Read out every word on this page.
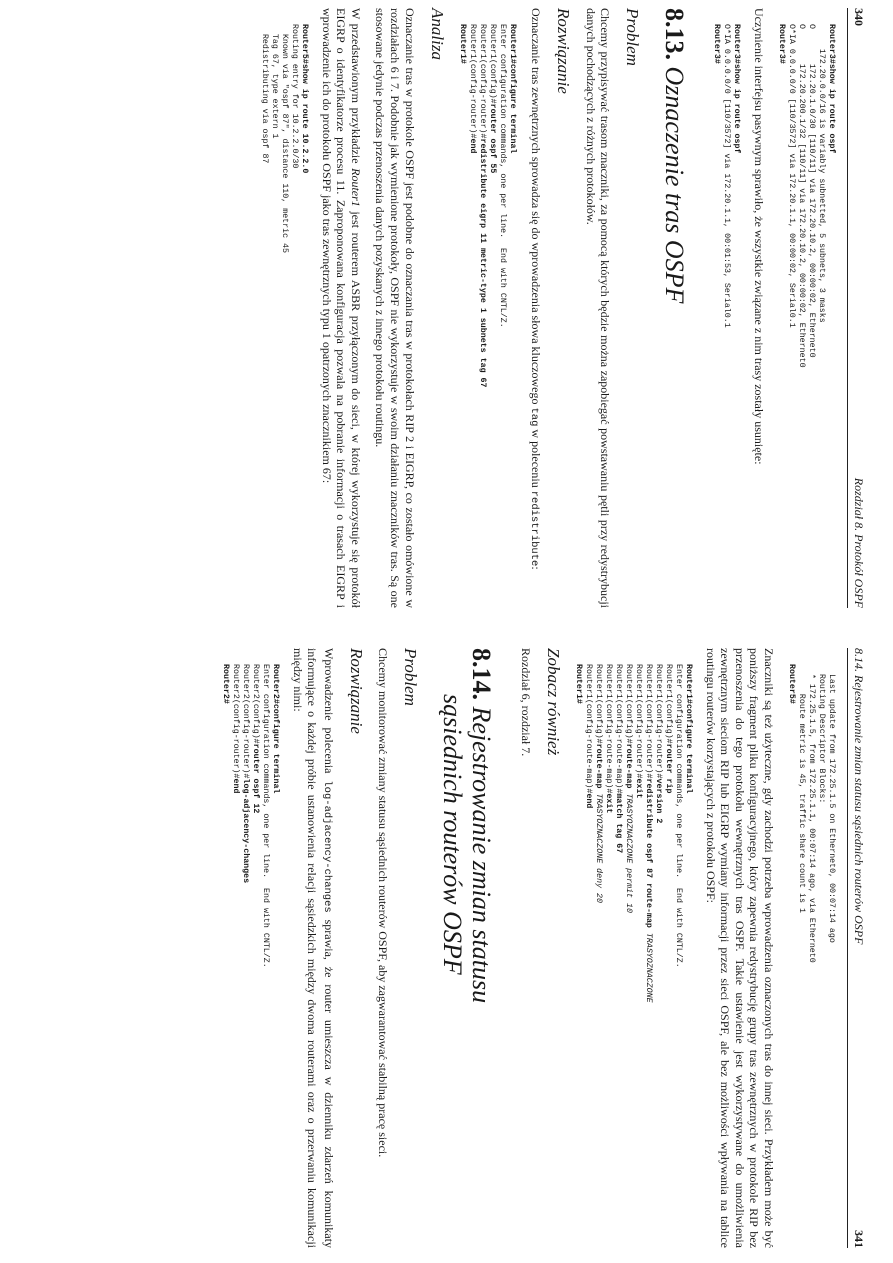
340
Rozdział 8. Protokół OSPF
Router3#show ip route ospf
172.20.0.0/16 is variably subnetted, 5 subnets, 3 masks
O       172.20.1.0/30 [110/11] via 172.20.10.2, 00:00:02, Ethernet0
O       172.20.200.1/32 [110/11] via 172.20.10.2, 00:00:02, Ethernet0
O*IA 0.0.0.0/0 [110/3572] via 172.20.1.1, 00:00:02, Serial0.1
Router3#

Uczynienie interfejsu pasywnym sprawiło, że wszystkie związane z nim trasy zostały usunięte:

Router3#show ip route ospf
O*IA 0.0.0.0/0 [110/3572] via 172.20.1.1, 00:01:53, Serial0.1
Router3#
8.13. Oznaczenie tras OSPF
Problem

Chcemy przypisywać trasom znaczniki, za pomocą których będzie można zapobiegać powstawaniu pętli przy redystrybucji danych pochodzących z różnych protokołów.

Rozwiązanie

Oznaczanie tras zewnętrznych sprowadza się do wprowadzenia słowa kluczowego tag w poleceniu redistribute:

Router1#configure terminal
Enter configuration commands, one per line.  End with CNTL/Z.
Router1(config)#router ospf 55
Router1(config-router)#redistribute eigrp 11 metric-type 1 subnets tag 67
Router1(config-router)#end
Router1#
Analiza

Oznaczanie tras w protokole OSPF jest podobne do oznaczania tras w protokołach RIP 2 i EIGRP, co zostało omówione w rozdziałach 6 i 7. Podobnie jak wymienione protokoły, OSPF nie wykorzystuje w swoim działaniu znaczników tras. Są one stosowane jedynie podczas przenoszenia danych pozyskanych z innego protokołu routingu.

W przedstawionym przykładzie Router1 jest routerem ASBR przyłączonym do sieci, w której wykorzystuje się protokół EIGRP o identyfikatorze procesu 11. Zaproponowana konfiguracja pozwala na pobranie informacji o trasach EIGRP i wprowadzenie ich do protokołu OSPF jako tras zewnętrznych typu 1 opatrzonych znacznikiem 67:

Router5#show ip route 10.2.2.0
Routing entry for 10.2.2.0/30
Known via "ospf 87", distance 110, metric 45
Tag 67, type extern 1
Redistributing via ospf 87
8.14. Rejestrowanie zmian statusu sąsiednich routerów OSPF
341
Last update from 172.25.1.5 on Ethernet0, 00:07:14 ago
Routing Descriptor Blocks:
* 172.25.1.5, from 172.25.1.1, 00:07:14 ago, via Ethernet0
Route metric is 45, traffic share count is 1
Router5#

Znaczniki są też użyteczne, gdy zachodzi potrzeba wprowadzenia oznaczonych tras do innej sieci. Przykładem może być poniższy fragment pliku konfiguracyjnego, który zapewnia redystrybucję grupy tras zewnętrznych w protokole RIP bez przenoszenia do tego protokołu wewnętrznych tras OSPF. Takie ustawienie jest wykorzystywane do umożliwienia zewnętrznym sieciom RIP lub EIGRP wymiany informacji przez sieci OSPF, ale bez możliwości wpływania na tablice routingu routerów korzystających z protokołu OSPF:

Router1#configure terminal
Enter configuration commands, one per line.  End with CNTL/Z.
Router1(config)#router rip
Router1(config-router)#version 2
Router1(config-router)#redistribute ospf 87 route-map TRASYOZNACZONE
Router1(config-router)#exit
Router1(config)#route-map TRASYOZNACZONE permit 10
Router1(config-route-map)#match tag 67
Router1(config-route-map)#exit
Router1(config)#route-map TRASYOZNACZONE deny 20
Router1(config-route-map)#end
Router1#
Zobacz również

Rozdział 6, rozdział 7.

8.14. Rejestrowanie zmian statusu
sąsiednich routerów OSPF
Problem

Chcemy monitorować zmiany statusu sąsiednich routerów OSPF, aby zagwarantować stabilną pracę sieci.

Rozwiązanie

Wprowadzenie polecenia log-adjacency-changes sprawia, że router umieszcza w dzienniku zdarzeń komunikaty informujące o każdej próbie ustanowienia relacji sąsiedzkich między dwoma routerami oraz o przerwaniu komunikacji między nimi:

Router2#configure terminal
Enter configuration commands, one per line.  End with CNTL/Z.
Router2(config)#router ospf 12
Router2(config-router)#log-adjacency-changes
Router2(config-router)#end
Router2#
